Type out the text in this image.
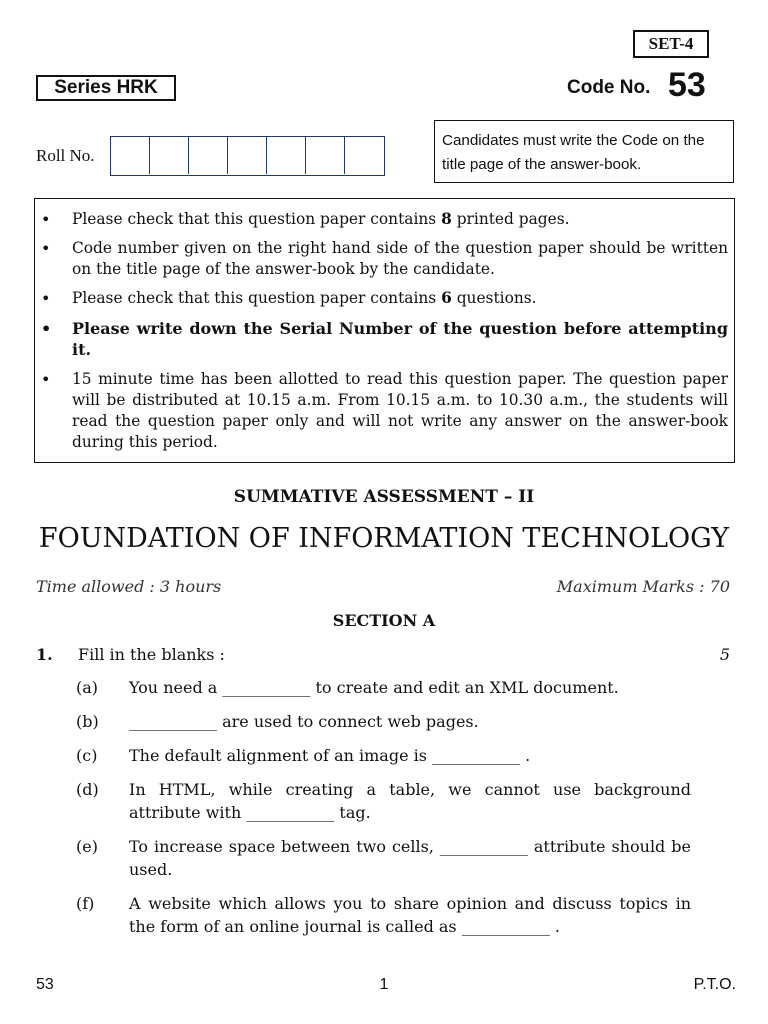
SET-4
Series HRK	Code No. 53
Roll No.
Candidates must write the Code on the title page of the answer-book.
• Please check that this question paper contains 8 printed pages.
• Code number given on the right hand side of the question paper should be written on the title page of the answer-book by the candidate.
• Please check that this question paper contains 6 questions.
• Please write down the Serial Number of the question before attempting it.
• 15 minute time has been allotted to read this question paper. The question paper will be distributed at 10.15 a.m. From 10.15 a.m. to 10.30 a.m., the students will read the question paper only and will not write any answer on the answer-book during this period.
SUMMATIVE ASSESSMENT – II
FOUNDATION OF INFORMATION TECHNOLOGY
Time allowed : 3 hours	Maximum Marks : 70
SECTION A
1. Fill in the blanks :	5
(a)	You need a ___________ to create and edit an XML document.
(b)	___________ are used to connect web pages.
(c)	The default alignment of an image is ___________ .
(d)	In HTML, while creating a table, we cannot use background attribute with ___________ tag.
(e)	To increase space between two cells, ___________ attribute should be used.
(f)	A website which allows you to share opinion and discuss topics in the form of an online journal is called as ___________ .
53	1	P.T.O.
